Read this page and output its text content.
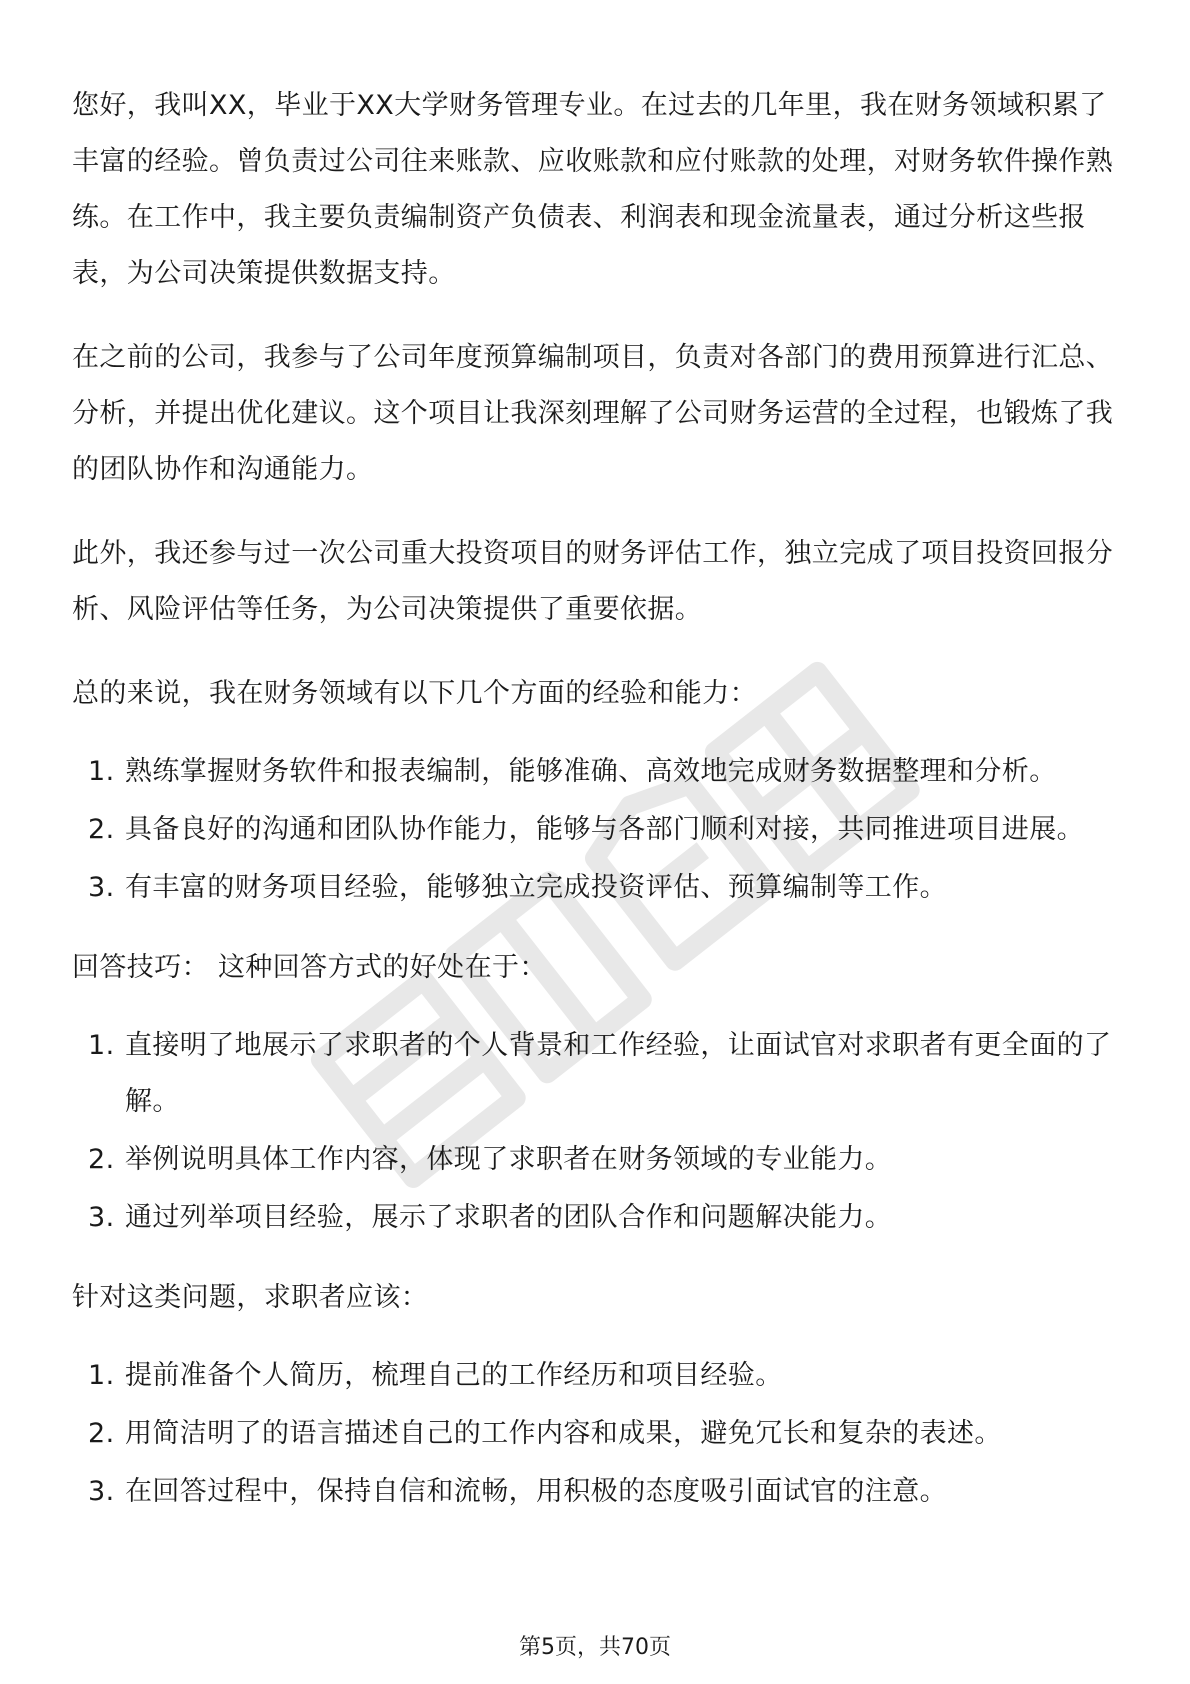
您好，我叫XX，毕业于XX大学财务管理专业。在过去的几年里，我在财务领域积累了丰富的经验。曾负责过公司往来账款、应收账款和应付账款的处理，对财务软件操作熟练。在工作中，我主要负责编制资产负债表、利润表和现金流量表，通过分析这些报表，为公司决策提供数据支持。

在之前的公司，我参与了公司年度预算编制项目，负责对各部门的费用预算进行汇总、分析，并提出优化建议。这个项目让我深刻理解了公司财务运营的全过程，也锻炼了我的团队协作和沟通能力。

此外，我还参与过一次公司重大投资项目的财务评估工作，独立完成了项目投资回报分析、风险评估等任务，为公司决策提供了重要依据。

总的来说，我在财务领域有以下几个方面的经验和能力：

1. 熟练掌握财务软件和报表编制，能够准确、高效地完成财务数据整理和分析。
2. 具备良好的沟通和团队协作能力，能够与各部门顺利对接，共同推进项目进展。
3. 有丰富的财务项目经验，能够独立完成投资评估、预算编制等工作。

回答技巧： 这种回答方式的好处在于：

1. 直接明了地展示了求职者的个人背景和工作经验，让面试官对求职者有更全面的了解。
2. 举例说明具体工作内容，体现了求职者在财务领域的专业能力。
3. 通过列举项目经验，展示了求职者的团队合作和问题解决能力。

针对这类问题，求职者应该：

1. 提前准备个人简历，梳理自己的工作经历和项目经验。
2. 用简洁明了的语言描述自己的工作内容和成果，避免冗长和复杂的表述。
3. 在回答过程中，保持自信和流畅，用积极的态度吸引面试官的注意。
第5页，共70页
